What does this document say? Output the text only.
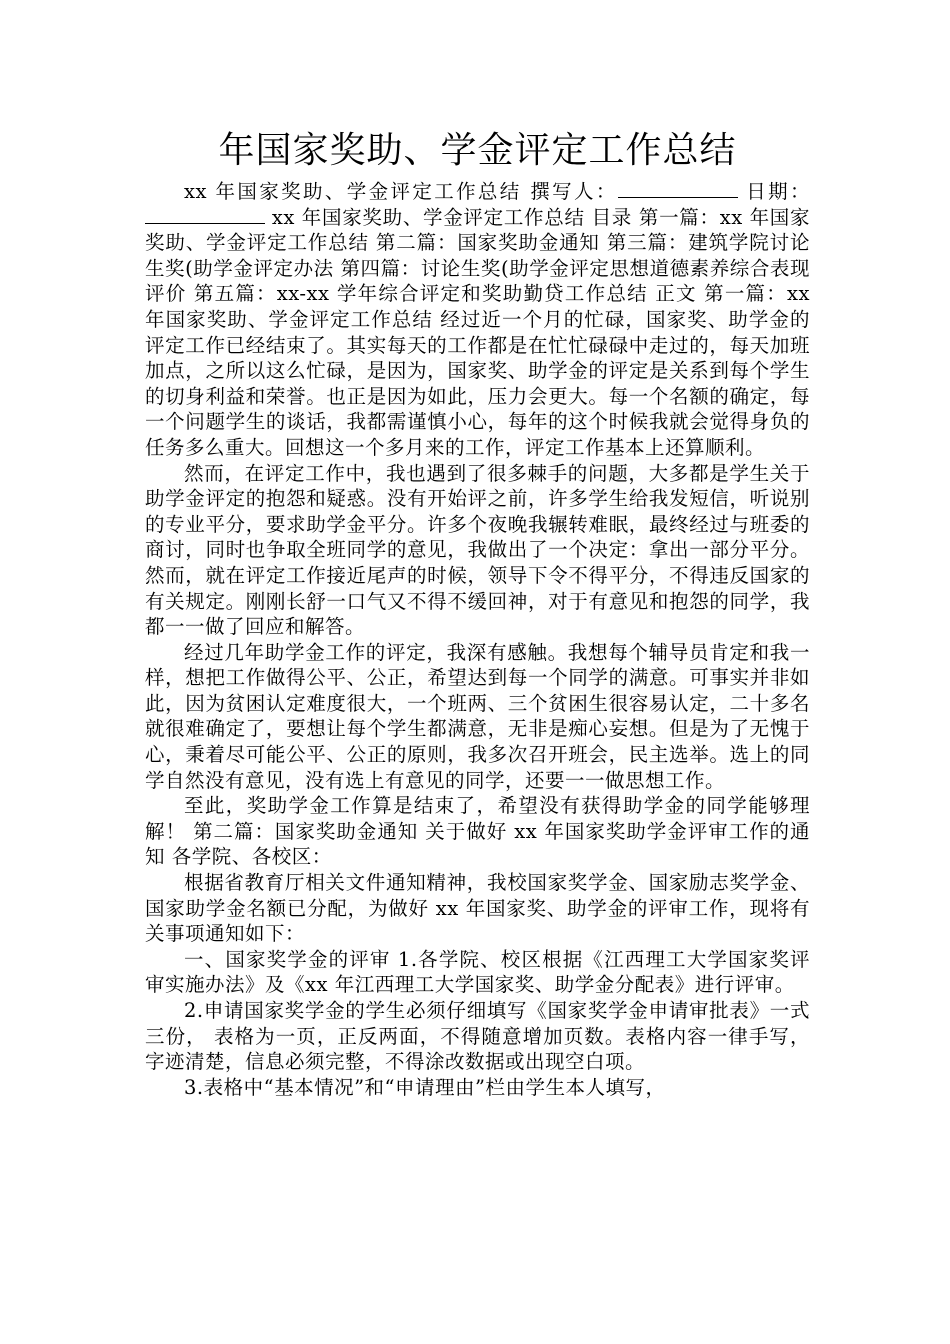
年国家奖助、学金评定工作总结

xx 年国家奖助、学金评定工作总结 撰写人：	日期： xx 年国家奖助、学金评定工作总结 目录 第一篇：xx 年国家奖助、学金评定工作总结 第二篇：国家奖助金通知 第三篇：建筑学院讨论生奖(助学金评定办法 第四篇：讨论生奖(助学金评定思想道德素养综合表现评价 第五篇：xx-xx 学年综合评定和奖助勤贷工作总结 正文 第一篇：xx 年国家奖助、学金评定工作总结 经过近一个月的忙碌，国家奖、助学金的评定工作已经结束了。其实每天的工作都是在忙忙碌碌中走过的，每天加班加点，之所以这么忙碌，是因为，国家奖、助学金的评定是关系到每个学生的切身利益和荣誉。也正是因为如此，压力会更大。每一个名额的确定，每一个问题学生的谈话，我都需谨慎小心，每年的这个时候我就会觉得身负的任务多么重大。回想这一个多月来的工作，评定工作基本上还算顺利。

然而，在评定工作中，我也遇到了很多棘手的问题，大多都是学生关于助学金评定的抱怨和疑惑。没有开始评之前，许多学生给我发短信，听说别的专业平分，要求助学金平分。许多个夜晚我辗转难眠，最终经过与班委的商讨，同时也争取全班同学的意见，我做出了一个决定：拿出一部分平分。然而，就在评定工作接近尾声的时候，领导下令不得平分，不得违反国家的有关规定。刚刚长舒一口气又不得不缓回神，对于有意见和抱怨的同学，我都一一做了回应和解答。

经过几年助学金工作的评定，我深有感触。我想每个辅导员肯定和我一样，想把工作做得公平、公正，希望达到每一个同学的满意。可事实并非如此，因为贫困认定难度很大，一个班两、三个贫困生很容易认定，二十多名就很难确定了，要想让每个学生都满意，无非是痴心妄想。但是为了无愧于心，秉着尽可能公平、公正的原则，我多次召开班会，民主选举。选上的同学自然没有意见，没有选上有意见的同学，还要一一做思想工作。

至此，奖助学金工作算是结束了，希望没有获得助学金的同学能够理解！ 第二篇：国家奖助金通知 关于做好 xx 年国家奖助学金评审工作的通知 各学院、各校区：

根据省教育厅相关文件通知精神，我校国家奖学金、国家励志奖学金、国家助学金名额已分配，为做好 xx 年国家奖、助学金的评审工作，现将有关事项通知如下：

一、国家奖学金的评审 1.各学院、校区根据《江西理工大学国家奖评审实施办法》及《xx 年江西理工大学国家奖、助学金分配表》进行评审。

2.申请国家奖学金的学生必须仔细填写《国家奖学金申请审批表》一式三份， 表格为一页，正反两面，不得随意增加页数。表格内容一律手写，字迹清楚，信息必须完整，不得涂改数据或出现空白项。

3.表格中“基本情况”和“申请理由”栏由学生本人填写，
